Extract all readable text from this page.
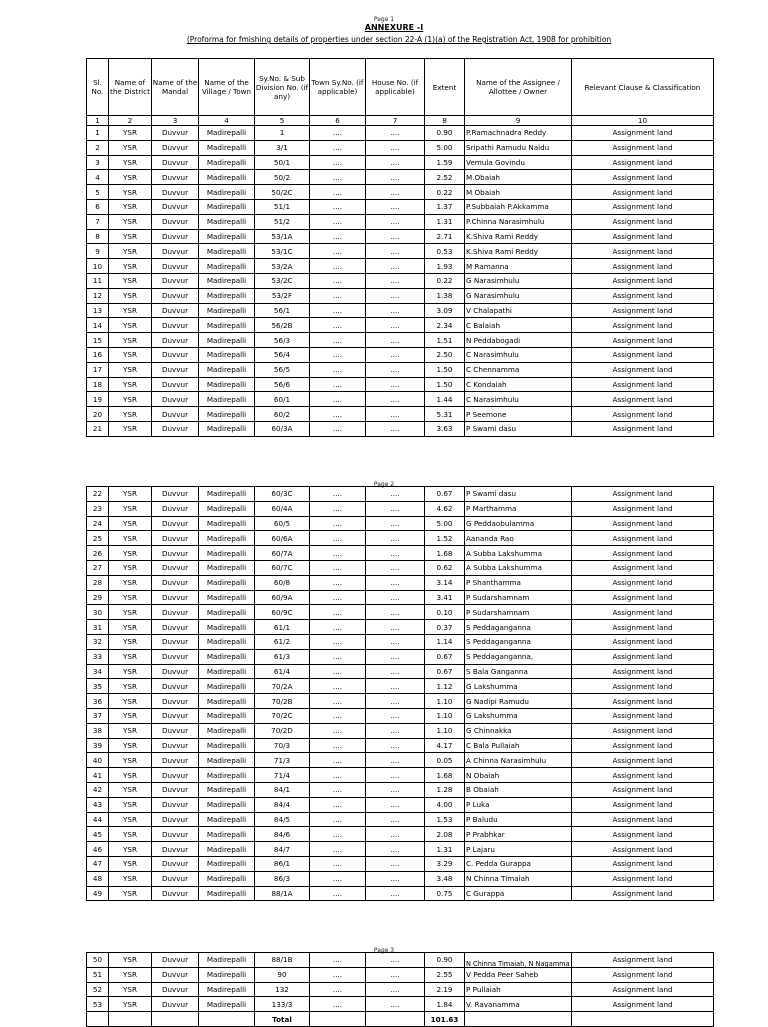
Page 1
ANNEXURE -I
(Proforma for fmishing details of properties under section 22-A (1)(a) of the Registration Act, 1908 for prohibition
Sl. No.	Name of the District	Name of the Mandal	Name of the Village / Town	Sy.No. & Sub Division No. (if any)	Town Sy.No. (if applicable)	House No. (if applicable)	Extent	Name of the Assignee / Allottee / Owner	Relevant Clause & Classification
1	2	3	4	5	6	7	8	9	10
1	YSR	Duvvur	Madirepalli	1	....	....	0.90	P.Ramachnadra Reddy	Assignment land
2	YSR	Duvvur	Madirepalli	3/1	....	....	5.00	Sripathi Ramudu Naidu	Assignment land
3	YSR	Duvvur	Madirepalli	50/1	....	....	1.59	Vemula Govindu	Assignment land
4	YSR	Duvvur	Madirepalli	50/2	....	....	2.52	M.Obaiah	Assignment land
5	YSR	Duvvur	Madirepalli	50/2C	....	....	0.22	M Obaiah	Assignment land
6	YSR	Duvvur	Madirepalli	51/1	....	....	1.37	P.Subbaiah P.Akkamma	Assignment land
7	YSR	Duvvur	Madirepalli	51/2	....	....	1.31	P.Chinna Narasimhulu	Assignment land
8	YSR	Duvvur	Madirepalli	53/1A	....	....	2.71	K.Shiva Rami Reddy	Assignment land
9	YSR	Duvvur	Madirepalli	53/1C	....	....	0.53	K.Shiva Rami Reddy	Assignment land
10	YSR	Duvvur	Madirepalli	53/2A	....	....	1.93	M Ramanna	Assignment land
11	YSR	Duvvur	Madirepalli	53/2C	....	....	0.22	G Narasimhulu	Assignment land
12	YSR	Duvvur	Madirepalli	53/2F	....	....	1.38	G Narasimhulu	Assignment land
13	YSR	Duvvur	Madirepalli	56/1	....	....	3.09	V Chalapathi	Assignment land
14	YSR	Duvvur	Madirepalli	56/2B	....	....	2.34	C Balaiah	Assignment land
15	YSR	Duvvur	Madirepalli	56/3	....	....	1.51	N Peddabogadi	Assignment land
16	YSR	Duvvur	Madirepalli	56/4	....	....	2.50	C Narasimhulu	Assignment land
17	YSR	Duvvur	Madirepalli	56/5	....	....	1.50	C Chennamma	Assignment land
18	YSR	Duvvur	Madirepalli	56/6	....	....	1.50	C Kondaiah	Assignment land
19	YSR	Duvvur	Madirepalli	60/1	....	....	1.44	C Narasimhulu	Assignment land
20	YSR	Duvvur	Madirepalli	60/2	....	....	5.31	P Seemone	Assignment land
21	YSR	Duvvur	Madirepalli	60/3A	....	....	3.63	P Swami dasu	Assignment land
Page 2
22	YSR	Duvvur	Madirepalli	60/3C	....	....	0.67	P Swami dasu	Assignment land
23	YSR	Duvvur	Madirepalli	60/4A	....	....	4.62	P Marthamma	Assignment land
24	YSR	Duvvur	Madirepalli	60/5	....	....	5.00	G Peddaobulamma	Assignment land
25	YSR	Duvvur	Madirepalli	60/6A	....	....	1.52	Aananda Rao	Assignment land
26	YSR	Duvvur	Madirepalli	60/7A	....	....	1.68	A Subba Lakshumma	Assignment land
27	YSR	Duvvur	Madirepalli	60/7C	....	....	0.62	A Subba Lakshumma	Assignment land
28	YSR	Duvvur	Madirepalli	60/8	....	....	3.14	P Shanthamma	Assignment land
29	YSR	Duvvur	Madirepalli	60/9A	....	....	3.41	P Sudarshamnam	Assignment land
30	YSR	Duvvur	Madirepalli	60/9C	....	....	0.10	P Sudarshamnam	Assignment land
31	YSR	Duvvur	Madirepalli	61/1	....	....	0.37	S Peddaganganna	Assignment land
32	YSR	Duvvur	Madirepalli	61/2	....	....	1.14	S Peddaganganna	Assignment land
33	YSR	Duvvur	Madirepalli	61/3	....	....	0.67	S Peddaganganna,	Assignment land
34	YSR	Duvvur	Madirepalli	61/4	....	....	0.67	S Bala Ganganna	Assignment land
35	YSR	Duvvur	Madirepalli	70/2A	....	....	1.12	G Lakshumma	Assignment land
36	YSR	Duvvur	Madirepalli	70/2B	....	....	1.10	G Nadipi Ramudu	Assignment land
37	YSR	Duvvur	Madirepalli	70/2C	....	....	1.10	G Lakshumma	Assignment land
38	YSR	Duvvur	Madirepalli	70/2D	....	....	1.10	G Chinnakka	Assignment land
39	YSR	Duvvur	Madirepalli	70/3	....	....	4.17	C Bala Pullaiah	Assignment land
40	YSR	Duvvur	Madirepalli	71/3	....	....	0.05	A Chinna Narasimhulu	Assignment land
41	YSR	Duvvur	Madirepalli	71/4	....	....	1.68	N Obaiah	Assignment land
42	YSR	Duvvur	Madirepalli	84/1	....	....	1.28	B Obaiah	Assignment land
43	YSR	Duvvur	Madirepalli	84/4	....	....	4.00	P Luka	Assignment land
44	YSR	Duvvur	Madirepalli	84/5	....	....	1.53	P Baludu	Assignment land
45	YSR	Duvvur	Madirepalli	84/6	....	....	2.08	P Prabhkar	Assignment land
46	YSR	Duvvur	Madirepalli	84/7	....	....	1.31	P Lajaru	Assignment land
47	YSR	Duvvur	Madirepalli	86/1	....	....	3.29	C. Pedda Gurappa	Assignment land
48	YSR	Duvvur	Madirepalli	86/3	....	....	3.48	N Chinna Timaiah	Assignment land
49	YSR	Duvvur	Madirepalli	88/1A	....	....	0.75	C Gurappa	Assignment land
Page 3
50	YSR	Duvvur	Madirepalli	88/1B	....	....	0.90	N Chinna Timaiah, N Nagamma	Assignment land
51	YSR	Duvvur	Madirepalli	90	....	....	2.55	V Pedda Peer Saheb	Assignment land
52	YSR	Duvvur	Madirepalli	132	....	....	2.19	P Pullaiah	Assignment land
53	YSR	Duvvur	Madirepalli	133/3	....	....	1.84	V. Ravanamma	Assignment land
				Total			101.63		
